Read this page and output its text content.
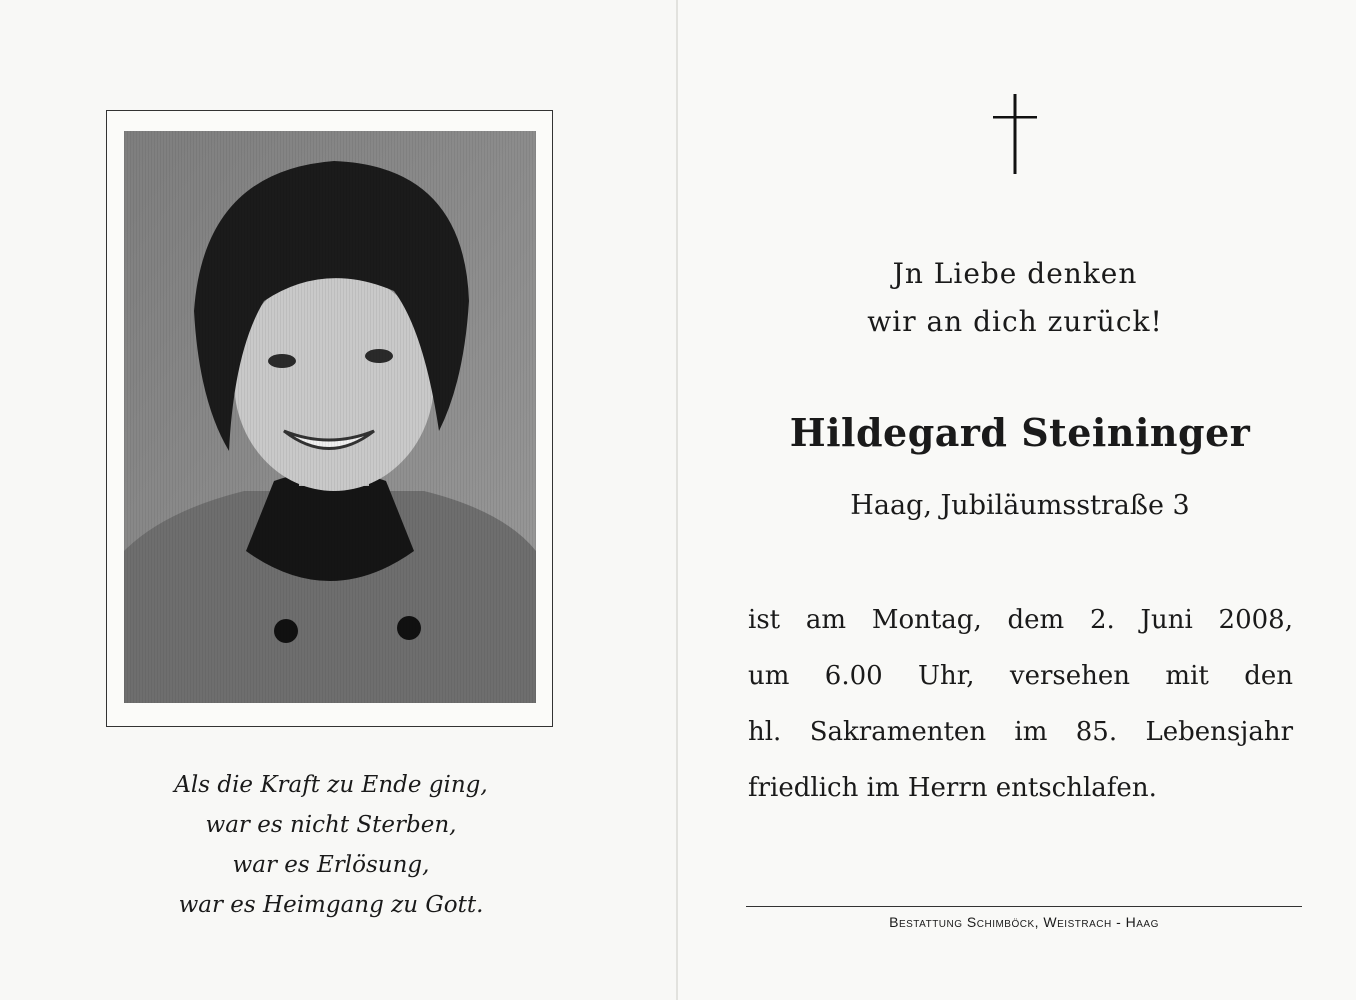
Als die Kraft zu Ende ging,
war es nicht Sterben,
war es Erlösung,
war es Heimgang zu Gott.
Jn Liebe denken
wir an dich zurück!
Hildegard Steininger
Haag, Jubiläumsstraße 3
ist am Montag, dem 2. Juni 2008,
um 6.00 Uhr, versehen mit den
hl. Sakramenten im 85. Lebensjahr
friedlich im Herrn entschlafen.
Bestattung Schimböck, Weistrach - Haag
